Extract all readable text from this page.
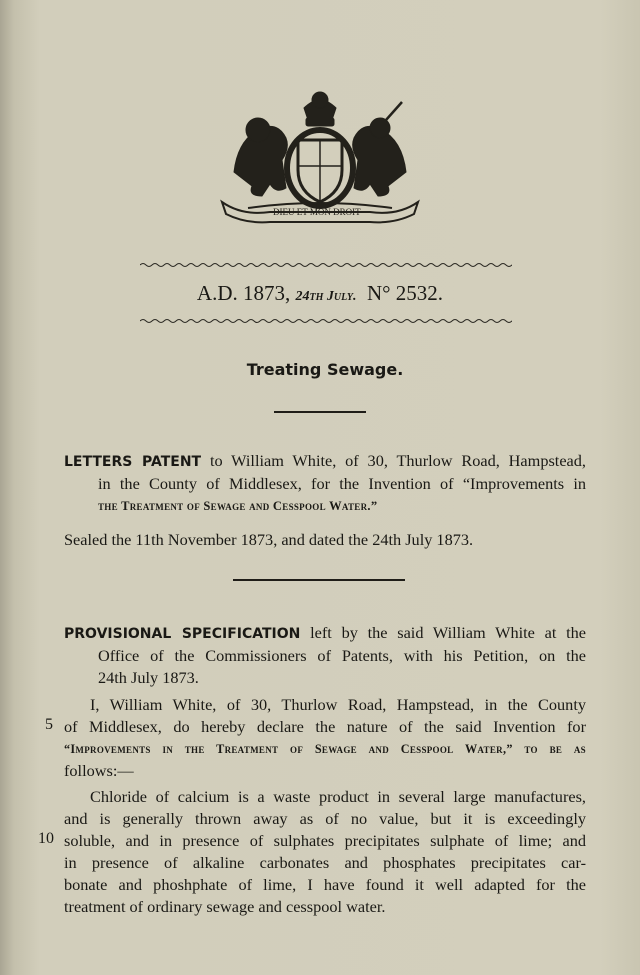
DIEU ET MON DROIT
A.D. 1873, 24th July. N° 2532.
Treating Sewage.
LETTERS PATENT to William White, of 30, Thurlow Road, Hampstead,
in the County of Middlesex, for the Invention of “Improvements in
the Treatment of Sewage and Cesspool Water.”
Sealed the 11th November 1873, and dated the 24th July 1873.
PROVISIONAL SPECIFICATION left by the said William White at the
Office of the Commissioners of Patents, with his Petition, on the
24th July 1873.
I, William White, of 30, Thurlow Road, Hampstead, in the County
of Middlesex, do hereby declare the nature of the said Invention for
“Improvements in the Treatment of Sewage and Cesspool Water,” to be as
follows:—
Chloride of calcium is a waste product in several large manufactures,
and is generally thrown away as of no value, but it is exceedingly
soluble, and in presence of sulphates precipitates sulphate of lime; and
in presence of alkaline carbonates and phosphates precipitates car-
bonate and phoshphate of lime, I have found it well adapted for the
treatment of ordinary sewage and cesspool water.
5
10
